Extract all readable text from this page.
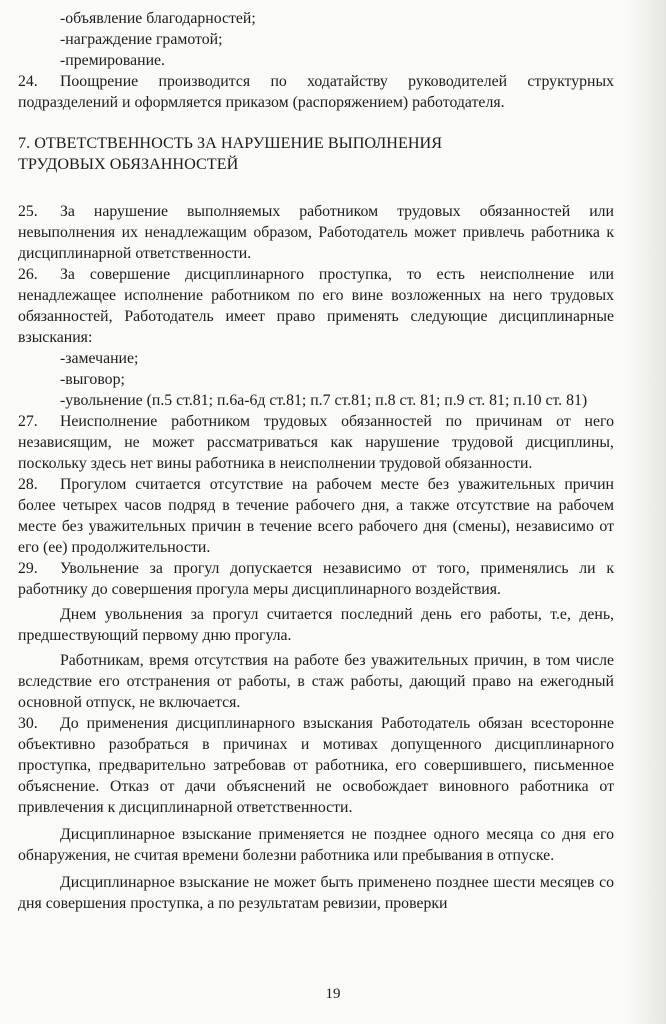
-объявление благодарностей;
-награждение грамотой;
-премирование.

24. Поощрение производится по ходатайству руководителей структурных подразделений и оформляется приказом (распоряжением) работодателя.

7. ОТВЕТСТВЕННОСТЬ ЗА НАРУШЕНИЕ ВЫПОЛНЕНИЯ
ТРУДОВЫХ ОБЯЗАННОСТЕЙ

25. За нарушение выполняемых работником трудовых обязанностей или невыполнения их ненадлежащим образом, Работодатель может привлечь работника к дисциплинарной ответственности.

26. За совершение дисциплинарного проступка, то есть неисполнение или ненадлежащее исполнение работником по его вине возложенных на него трудовых обязанностей, Работодатель имеет право применять следующие дисциплинарные взыскания:

-замечание;
-выговор;

-увольнение (п.5 ст.81; п.6а-6д ст.81; п.7 ст.81; п.8 ст. 81; п.9 ст. 81; п.10 ст. 81)

27. Неисполнение работником трудовых обязанностей по причинам от него независящим, не может рассматриваться как нарушение трудовой дисциплины, поскольку здесь нет вины работника в неисполнении трудовой обязанности.

28. Прогулом считается отсутствие на рабочем месте без уважительных причин более четырех часов подряд в течение рабочего дня, а также отсутствие на рабочем месте без уважительных причин в течение всего рабочего дня (смены), независимо от его (ее) продолжительности.

29. Увольнение за прогул допускается независимо от того, применялись ли к работнику до совершения прогула меры дисциплинарного воздействия.

Днем увольнения за прогул считается последний день его работы, т.е, день, предшествующий первому дню прогула.

Работникам, время отсутствия на работе без уважительных причин, в том числе вследствие его отстранения от работы, в стаж работы, дающий право на ежегодный основной отпуск, не включается.

30. До применения дисциплинарного взыскания Работодатель обязан всесторонне объективно разобраться в причинах и мотивах допущенного дисциплинарного проступка, предварительно затребовав от работника, его совершившего, письменное объяснение. Отказ от дачи объяснений не освобождает виновного работника от привлечения к дисциплинарной ответственности.

Дисциплинарное взыскание применяется не позднее одного месяца со дня его обнаружения, не считая времени болезни работника или пребывания в отпуске.

Дисциплинарное взыскание не может быть применено позднее шести месяцев со дня совершения проступка, а по результатам ревизии, проверки

19
